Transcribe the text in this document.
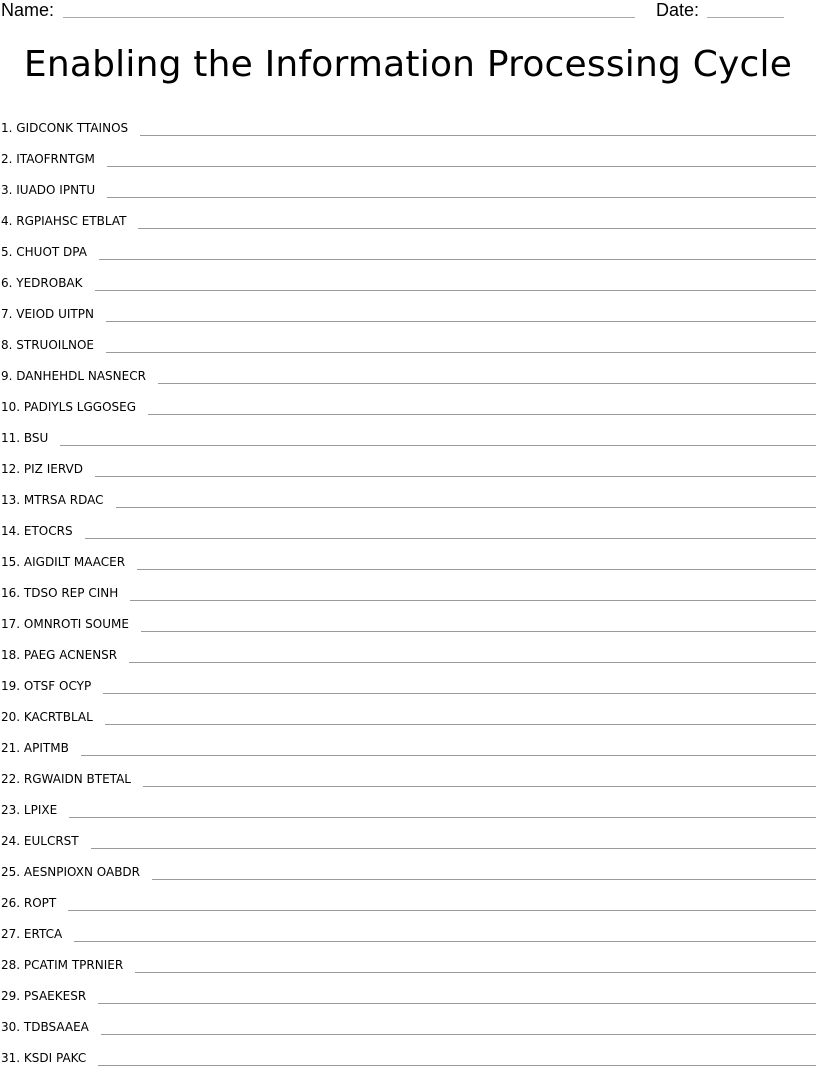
Name:	Date:
Enabling the Information Processing Cycle
1. GIDCONK TTAINOS
2. ITAOFRNTGM
3. IUADO IPNTU
4. RGPIAHSC ETBLAT
5. CHUOT DPA
6. YEDROBAK
7. VEIOD UITPN
8. STRUOILNOE
9. DANHEHDL NASNECR
10. PADIYLS LGGOSEG
11. BSU
12. PIZ IERVD
13. MTRSA RDAC
14. ETOCRS
15. AIGDILT MAACER
16. TDSO REP CINH
17. OMNROTI SOUME
18. PAEG ACNENSR
19. OTSF OCYP
20. KACRTBLAL
21. APITMB
22. RGWAIDN BTETAL
23. LPIXE
24. EULCRST
25. AESNPIOXN OABDR
26. ROPT
27. ERTCA
28. PCATIM TPRNIER
29. PSAEKESR
30. TDBSAAEA
31. KSDI PAKC
